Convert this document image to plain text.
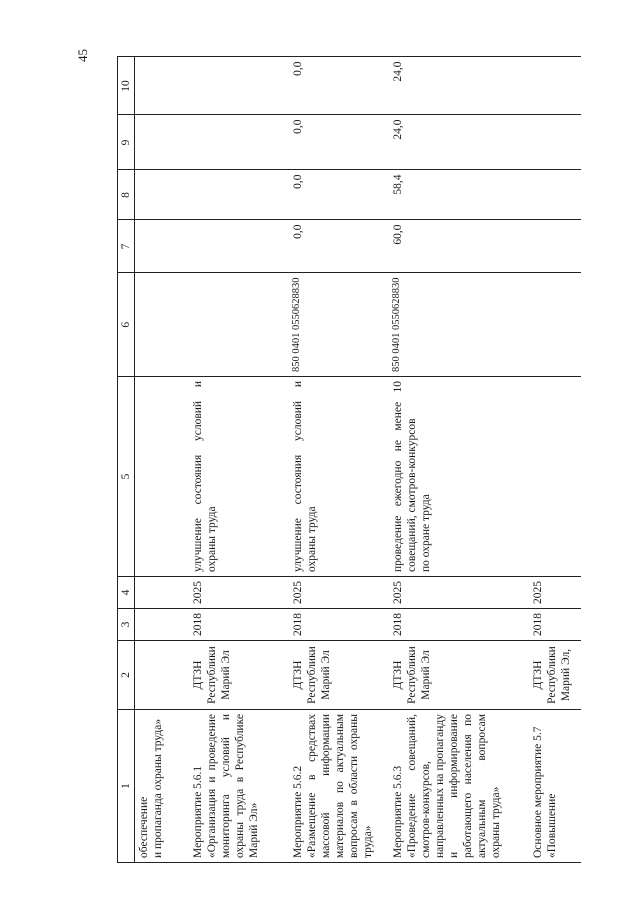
45
1	2	3	4	5	6	7	8	9	10
обеспечение
и пропаганда охраны труда»									
Мероприятие 5.6.1
«Организация и проведение мониторинга условий и охраны труда в Республике Марий Эл»	ДТЗН Республики Марий Эл	2018	2025	улучшение состояния условий и охраны труда					
Мероприятие 5.6.2
«Размещение в средствах массовой информации материалов по актуальным вопросам в области охраны труда»	ДТЗН Республики Марий Эл	2018	2025	улучшение состояния условий и охраны труда	850 0401 0550628830	0,0	0,0	0,0	0,0
Мероприятие 5.6.3
«Проведение совещаний, смотров-конкурсов, направленных на пропаганду и информирование работающего населения по актуальным вопросам охраны труда»	ДТЗН Республики Марий Эл	2018	2025	проведение ежегодно не менее 10 совещаний, смотров-конкурсов
по охране труда	850 0401 0550628830	60,0	58,4	24,0	24,0
Основное мероприятие 5.7
«Повышение	ДТЗН Республики Марий Эл,	2018	2025						
